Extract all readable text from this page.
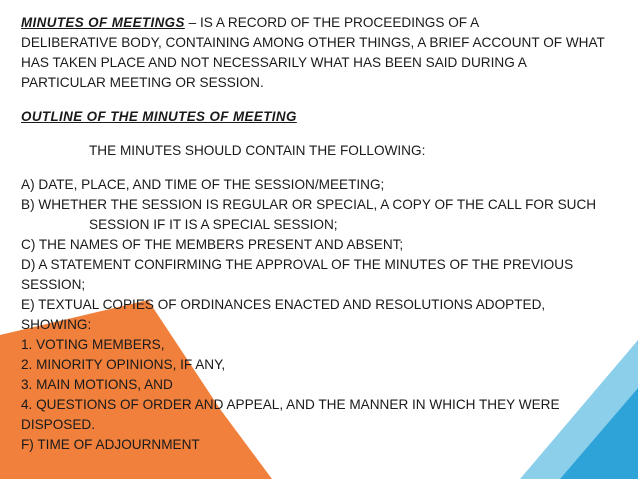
MINUTES OF MEETINGS – IS A RECORD OF THE PROCEEDINGS OF A
DELIBERATIVE BODY, CONTAINING AMONG OTHER THINGS, A BRIEF ACCOUNT OF WHAT
HAS TAKEN PLACE AND NOT NECESSARILY WHAT HAS BEEN SAID DURING A
PARTICULAR MEETING OR SESSION.
OUTLINE OF THE MINUTES OF MEETING
THE MINUTES SHOULD CONTAIN THE FOLLOWING:
A) DATE, PLACE, AND TIME OF THE SESSION/MEETING;
B) WHETHER THE SESSION IS REGULAR OR SPECIAL, A COPY OF THE CALL FOR SUCH
SESSION IF IT IS A SPECIAL SESSION;
C) THE NAMES OF THE MEMBERS PRESENT AND ABSENT;
D) A STATEMENT CONFIRMING THE APPROVAL OF THE MINUTES OF THE PREVIOUS
SESSION;
E) TEXTUAL COPIES OF ORDINANCES ENACTED AND RESOLUTIONS ADOPTED,
SHOWING:
1. VOTING MEMBERS,
2. MINORITY OPINIONS, IF ANY,
3. MAIN MOTIONS, AND
4. QUESTIONS OF ORDER AND APPEAL, AND THE MANNER IN WHICH THEY WERE
DISPOSED.
F) TIME OF ADJOURNMENT
